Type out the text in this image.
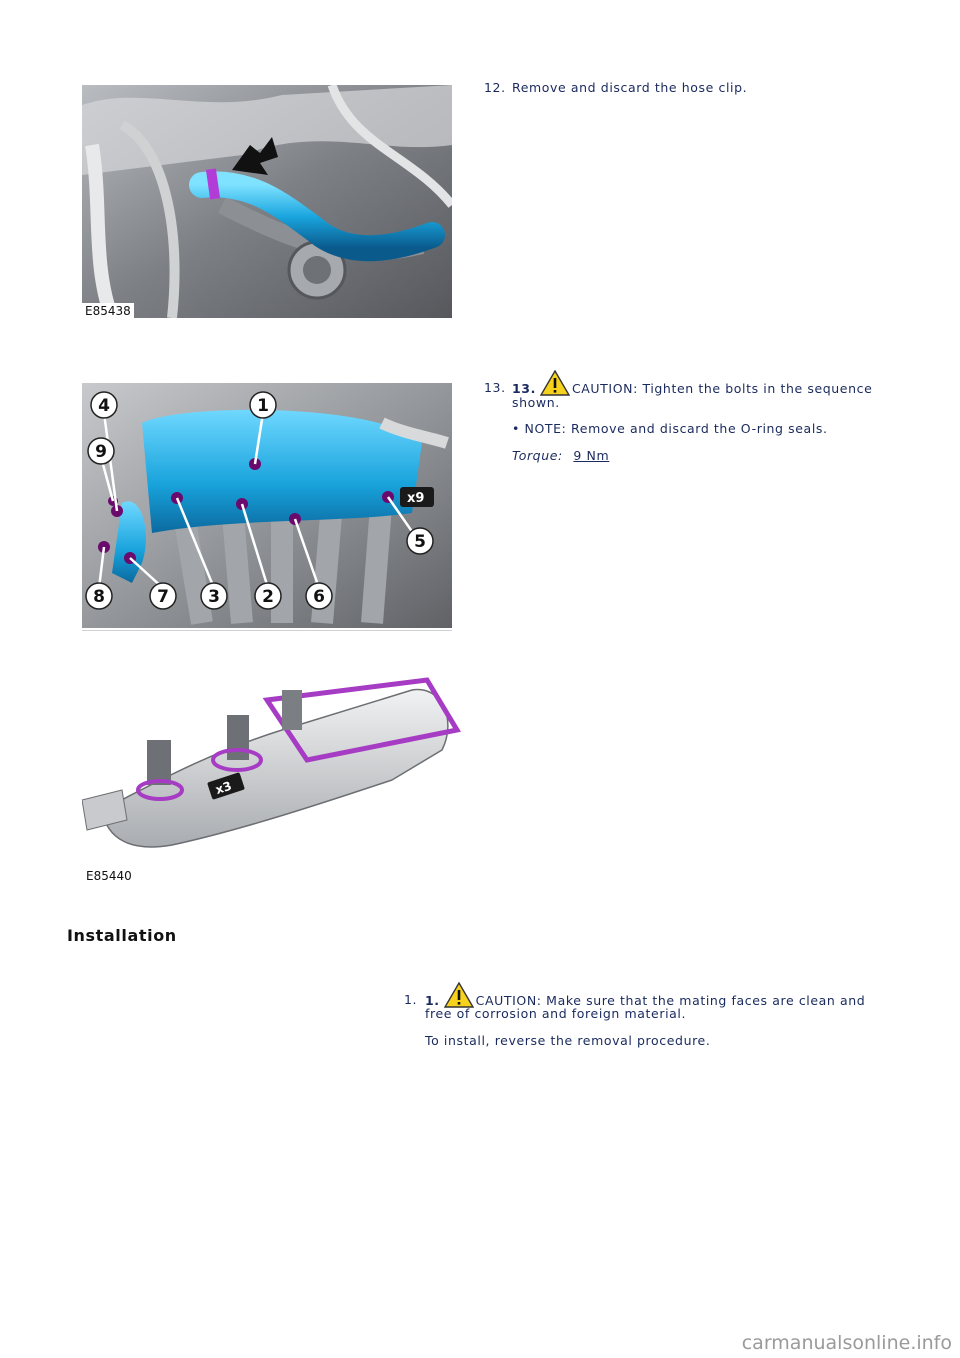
E85438
12. Remove and discard the hose clip.
1
2
3
4
5
6
7
8
9
x9
13. 13.	CAUTION: Tighten the bolts in the sequence
shown.
• NOTE: Remove and discard the O-ring seals.
Torque: 9 Nm
x3
E85440
Installation
1. 1.	CAUTION: Make sure that the mating faces are clean and
free of corrosion and foreign material.
To install, reverse the removal procedure.
carmanualsonline.info
